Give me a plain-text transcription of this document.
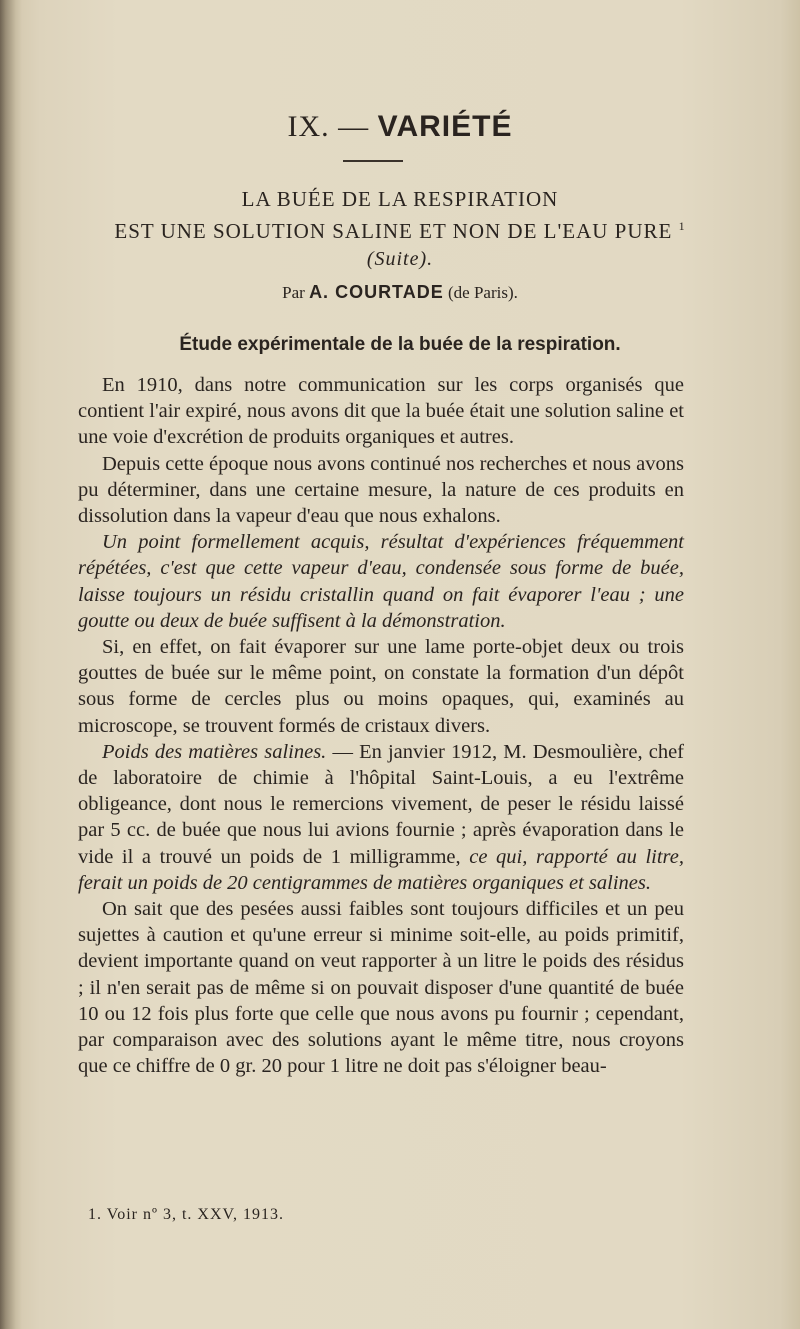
IX. — VARIÉTÉ
LA BUÉE DE LA RESPIRATION
EST UNE SOLUTION SALINE ET NON DE L'EAU PURE $^1$
(Suite).
Par A. COURTADE (de Paris).
Étude expérimentale de la buée de la respiration.

En 1910, dans notre communication sur les corps organisés que contient l'air expiré, nous avons dit que la buée était une solution saline et une voie d'excrétion de produits organiques et autres.

Depuis cette époque nous avons continué nos recherches et nous avons pu déterminer, dans une certaine mesure, la nature de ces produits en dissolution dans la vapeur d'eau que nous exhalons.

Un point formellement acquis, résultat d'expériences fréquemment répétées, c'est que cette vapeur d'eau, condensée sous forme de buée, laisse toujours un résidu cristallin quand on fait évaporer l'eau ; une goutte ou deux de buée suffisent à la démonstration.

Si, en effet, on fait évaporer sur une lame porte-objet deux ou trois gouttes de buée sur le même point, on constate la formation d'un dépôt sous forme de cercles plus ou moins opaques, qui, examinés au microscope, se trouvent formés de cristaux divers.

Poids des matières salines. — En janvier 1912, M. Desmoulière, chef de laboratoire de chimie à l'hôpital Saint-Louis, a eu l'extrême obligeance, dont nous le remercions vivement, de peser le résidu laissé par 5 cc. de buée que nous lui avions fournie ; après évaporation dans le vide il a trouvé un poids de 1 milligramme, ce qui, rapporté au litre, ferait un poids de 20 centigrammes de matières organiques et salines.

On sait que des pesées aussi faibles sont toujours difficiles et un peu sujettes à caution et qu'une erreur si minime soit-elle, au poids primitif, devient importante quand on veut rapporter à un litre le poids des résidus ; il n'en serait pas de même si on pouvait disposer d'une quantité de buée 10 ou 12 fois plus forte que celle que nous avons pu fournir ; cependant, par comparaison avec des solutions ayant le même titre, nous croyons que ce chiffre de 0 gr. 20 pour 1 litre ne doit pas s'éloigner beau-

1. Voir nº 3, t. XXV, 1913.
